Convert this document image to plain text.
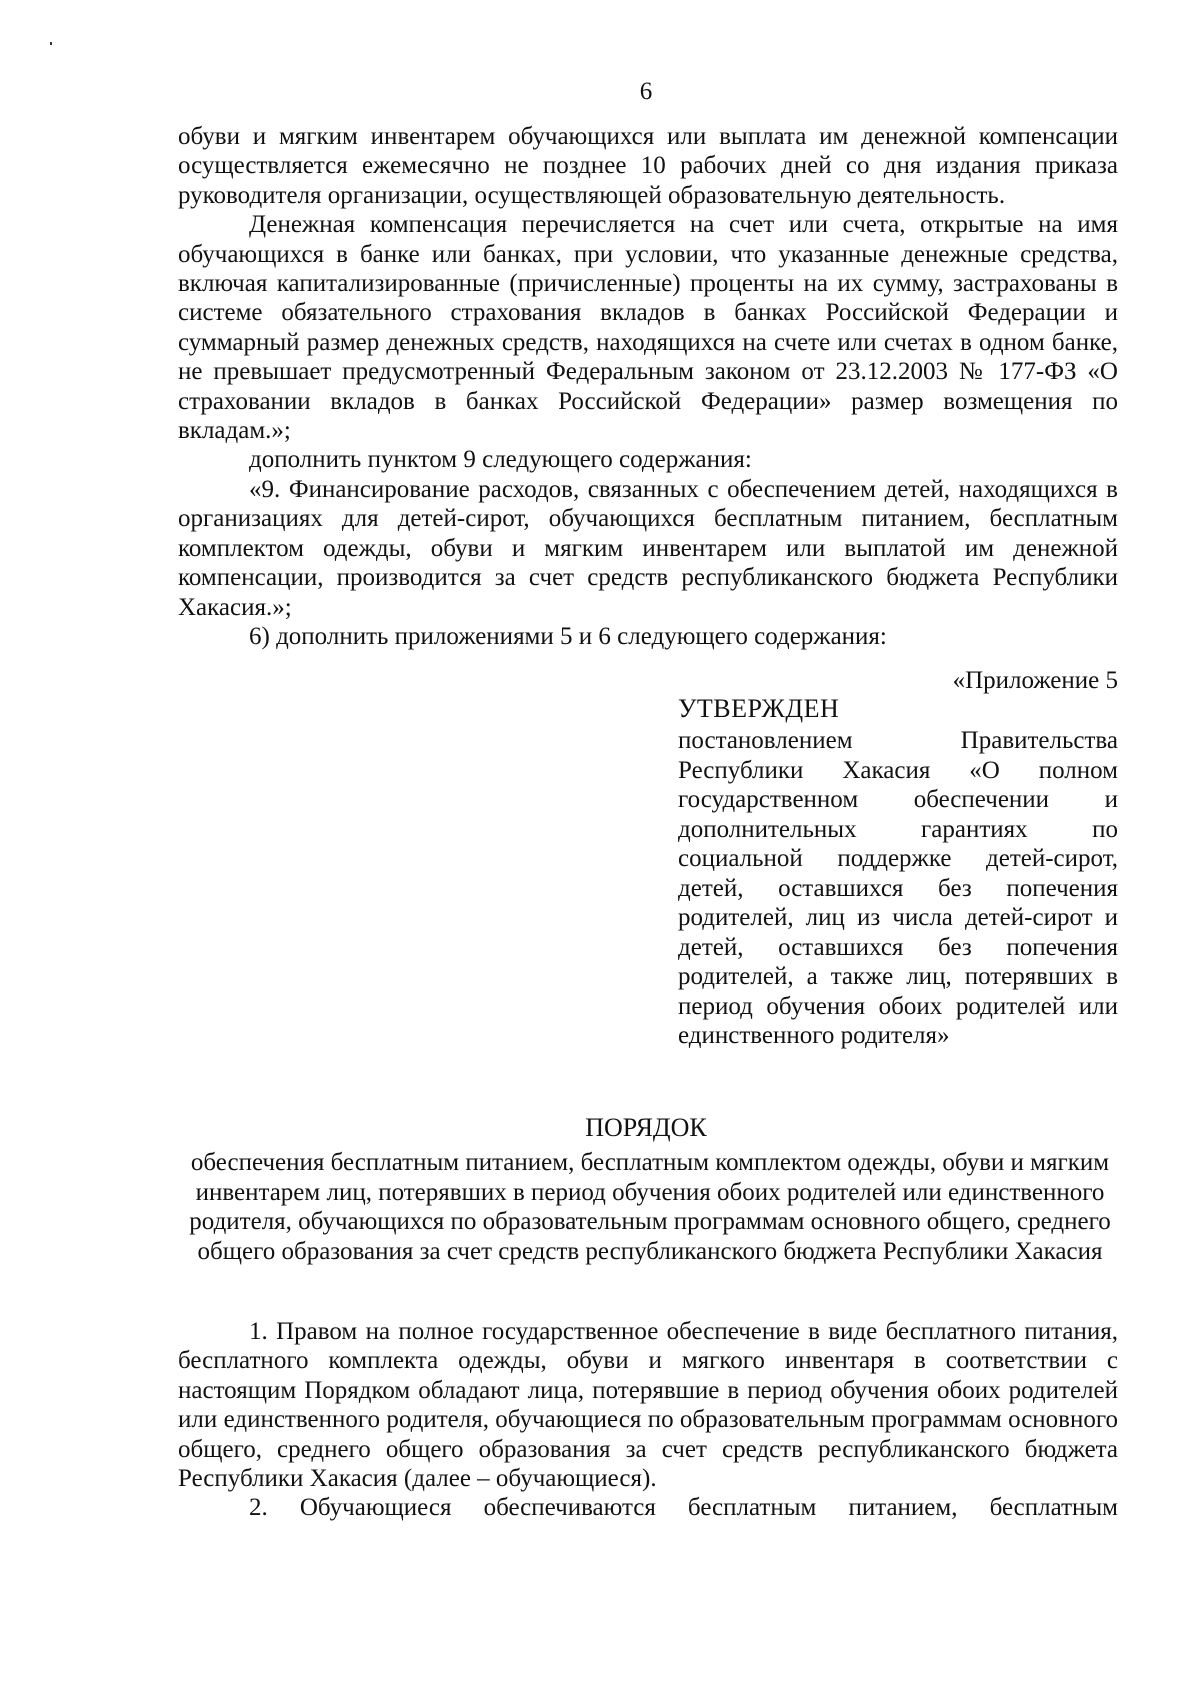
6

обуви и мягким инвентарем обучающихся или выплата им денежной компенсации осуществляется ежемесячно не позднее 10 рабочих дней со дня издания приказа руководителя организации, осуществляющей образовательную деятельность.

Денежная компенсация перечисляется на счет или счета, открытые на имя обучающихся в банке или банках, при условии, что указанные денежные средства, включая капитализированные (причисленные) проценты на их сумму, застрахованы в системе обязательного страхования вкладов в банках Российской Федерации и суммарный размер денежных средств, находящихся на счете или счетах в одном банке, не превышает предусмотренный Федеральным законом от 23.12.2003 № 177-ФЗ «О страховании вкладов в банках Российской Федерации» размер возмещения по вкладам.»;

дополнить пунктом 9 следующего содержания:

«9. Финансирование расходов, связанных с обеспечением детей, находящихся в организациях для детей-сирот, обучающихся бесплатным питанием, бесплатным комплектом одежды, обуви и мягким инвентарем или выплатой им денежной компенсации, производится за счет средств республиканского бюджета Республики Хакасия.»;

6) дополнить приложениями 5 и 6 следующего содержания:

«Приложение 5
УТВЕРЖДЕН

постановлением Правительства Республики Хакасия «О полном государственном обеспечении и дополнительных гарантиях по социальной поддержке детей-сирот, детей, оставшихся без попечения родителей, лиц из числа детей-сирот и детей, оставшихся без попечения родителей, а также лиц, потерявших в период обучения обоих родителей или единственного родителя»

ПОРЯДОК

обеспечения бесплатным питанием, бесплатным комплектом одежды, обуви и мягким инвентарем лиц, потерявших в период обучения обоих родителей или единственного родителя, обучающихся по образовательным программам основного общего, среднего общего образования за счет средств республиканского бюджета Республики Хакасия

1. Правом на полное государственное обеспечение в виде бесплатного питания, бесплатного комплекта одежды, обуви и мягкого инвентаря в соответствии с настоящим Порядком обладают лица, потерявшие в период обучения обоих родителей или единственного родителя, обучающиеся по образовательным программам основного общего, среднего общего образования за счет средств республиканского бюджета Республики Хакасия (далее – обучающиеся).

2. Обучающиеся обеспечиваются бесплатным питанием, бесплатным
